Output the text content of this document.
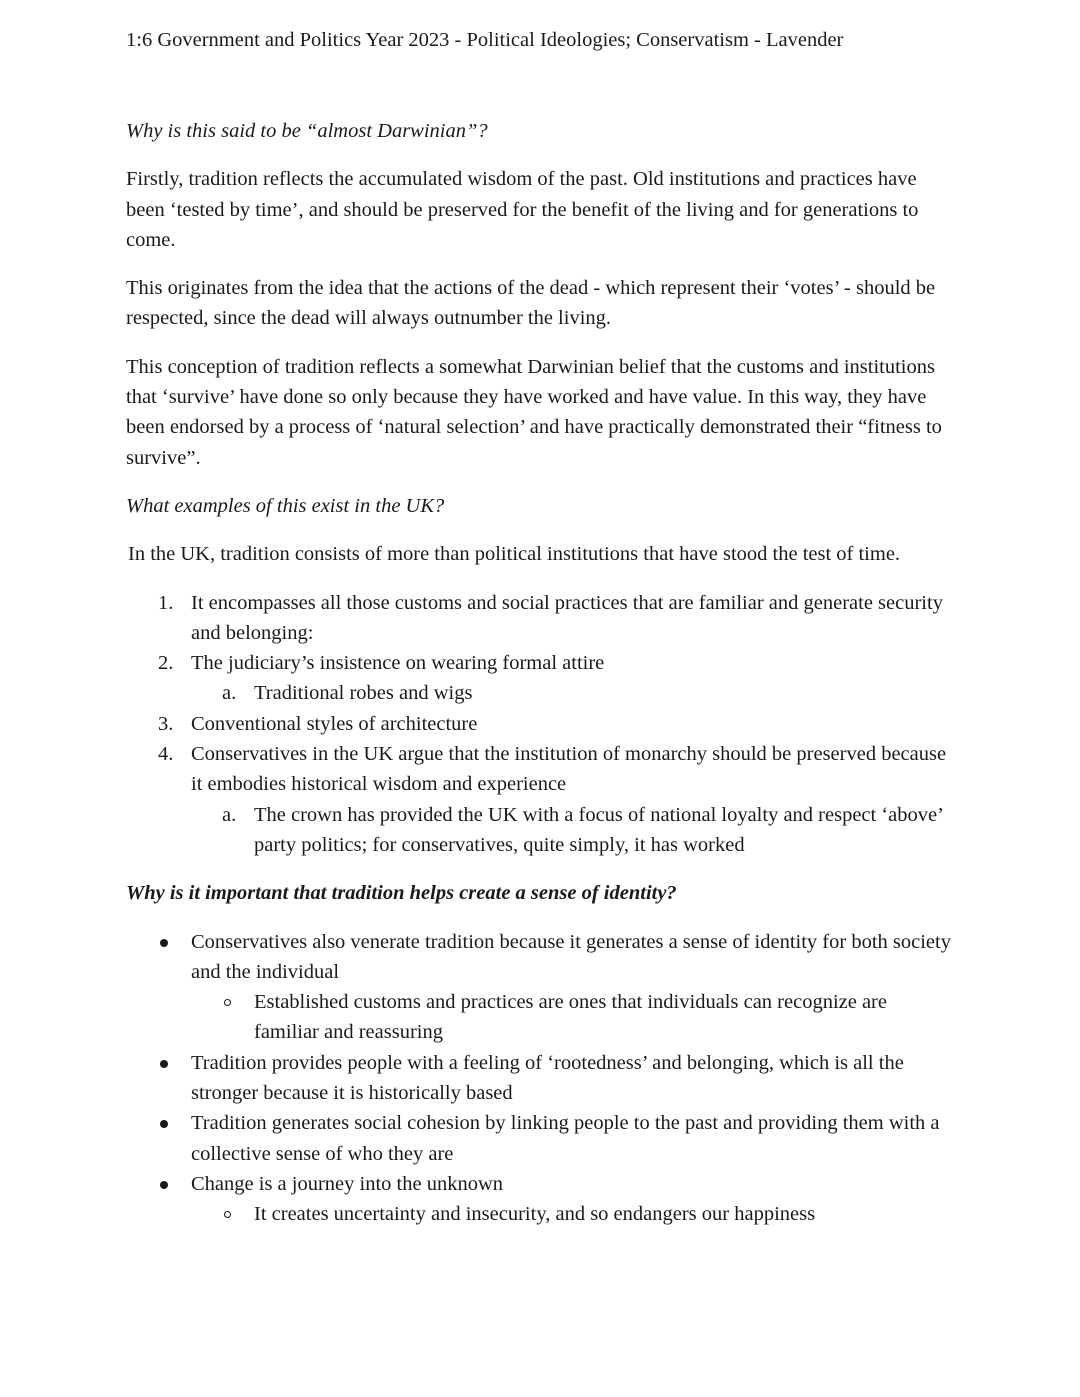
1:6 Government and Politics Year 2023 - Political Ideologies; Conservatism - Lavender

Why is this said to be “almost Darwinian”?

Firstly, tradition reflects the accumulated wisdom of the past. Old institutions and practices have been ‘tested by time’, and should be preserved for the benefit of the living and for generations to come.

This originates from the idea that the actions of the dead - which represent their ‘votes’ - should be respected, since the dead will always outnumber the living.

This conception of tradition reflects a somewhat Darwinian belief that the customs and institutions that ‘survive’ have done so only because they have worked and have value. In this way, they have been endorsed by a process of ‘natural selection’ and have practically demonstrated their “fitness to survive”.

What examples of this exist in the UK?

In the UK, tradition consists of more than political institutions that have stood the test of time.

1. It encompasses all those customs and social practices that are familiar and generate security and belonging:
2. The judiciary’s insistence on wearing formal attire
a. Traditional robes and wigs
3. Conventional styles of architecture
4. Conservatives in the UK argue that the institution of monarchy should be preserved because it embodies historical wisdom and experience
a. The crown has provided the UK with a focus of national loyalty and respect ‘above’ party politics; for conservatives, quite simply, it has worked

Why is it important that tradition helps create a sense of identity?

Conservatives also venerate tradition because it generates a sense of identity for both society and the individual
Established customs and practices are ones that individuals can recognize are familiar and reassuring
Tradition provides people with a feeling of ‘rootedness’ and belonging, which is all the stronger because it is historically based
Tradition generates social cohesion by linking people to the past and providing them with a collective sense of who they are
Change is a journey into the unknown
It creates uncertainty and insecurity, and so endangers our happiness
